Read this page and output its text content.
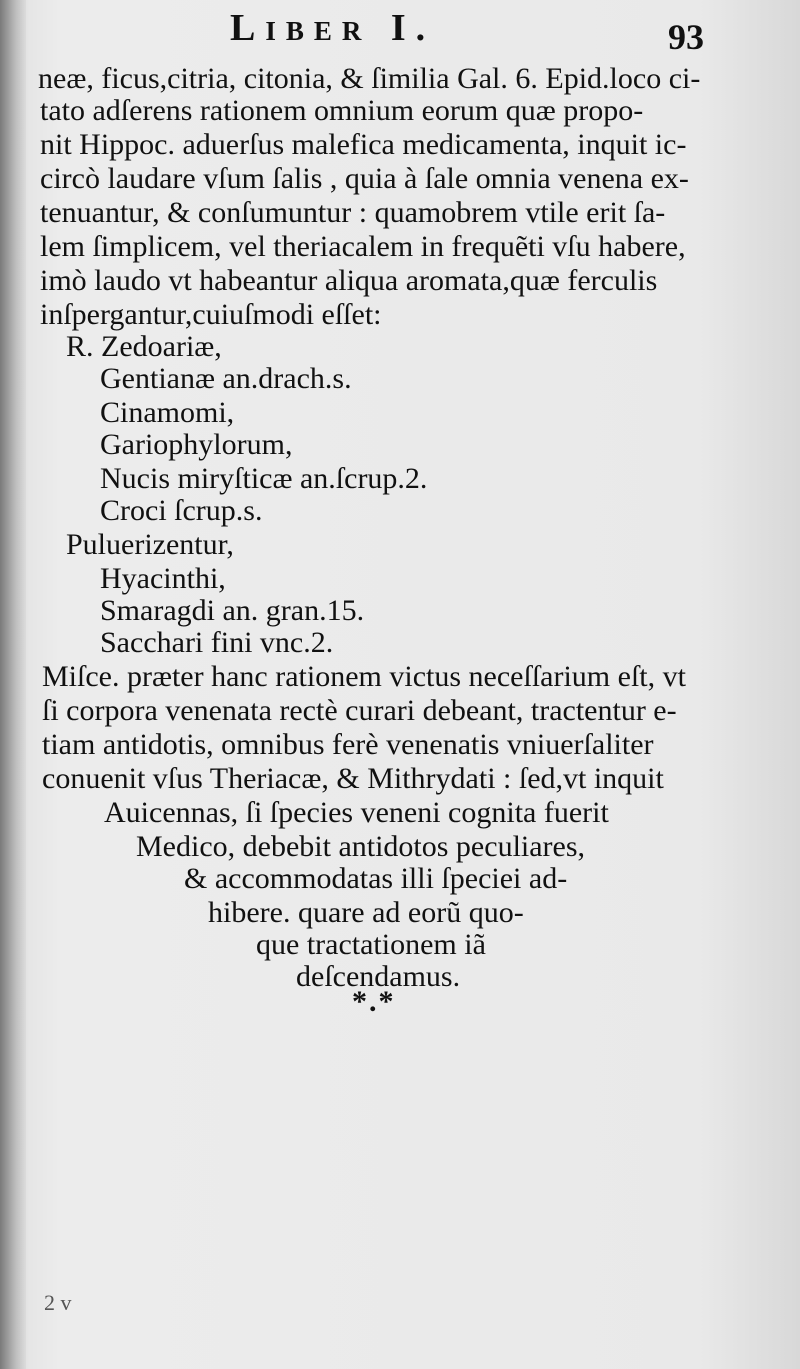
Liber I.	93
neæ, ficus,citria, citonia, & ſimilia Gal. 6. Epid.loco ci-
tato adſerens rationem omnium eorum quæ propo-
nit Hippoc. aduerſus malefica medicamenta, inquit ic-
circò laudare vſum ſalis , quia à ſale omnia venena ex-
tenuantur, & conſumuntur : quamobrem vtile erit ſa-
lem ſimplicem, vel theriacalem in frequẽti vſu habere,
imò laudo vt habeantur aliqua aromata,quæ ferculis
inſpergantur,cuiuſmodi eſſet:
R. Zedoariæ,
Gentianæ an.drach.s.
Cinamomi,
Gariophylorum,
Nucis miryſticæ an.ſcrup.2.
Croci ſcrup.s.
Puluerizentur,
Hyacinthi,
Smaragdi an. gran.15.
Sacchari fini vnc.2.
Miſce. præter hanc rationem victus neceſſarium eſt, vt
ſi corpora venenata rectè curari debeant, tractentur e-
tiam antidotis, omnibus ferè venenatis vniuerſaliter
conuenit vſus Theriacæ, & Mithrydati : ſed,vt inquit
Auicennas, ſi ſpecies veneni cognita fuerit
Medico, debebit antidotos peculiares,
& accommodatas illi ſpeciei ad-
hibere. quare ad eorũ quo-
que tractationem iã
deſcendamus.
*.*
2 v
